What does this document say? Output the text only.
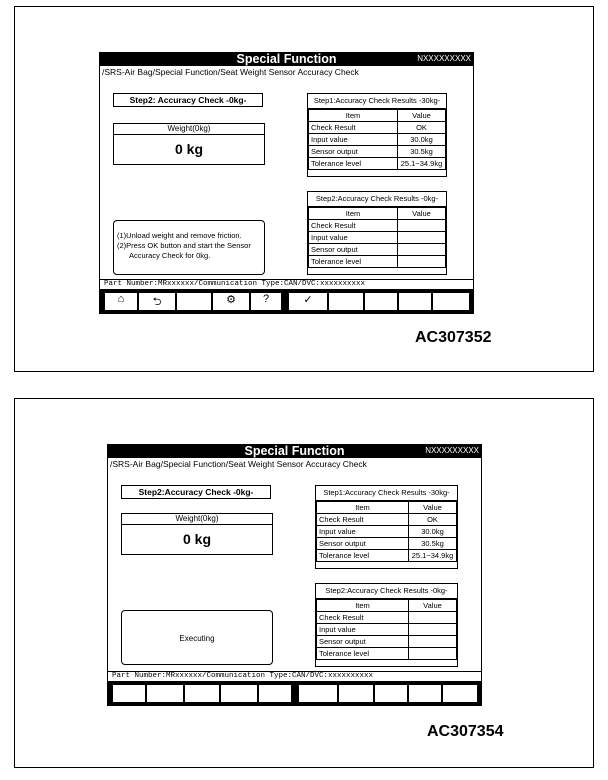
Special Function	NXXXXXXXXX
/SRS-Air Bag/Special Function/Seat Weight Sensor Accuracy Check
Step2: Accuracy Check -0kg-
Weight(0kg)
0 kg
(1)Unload weight and remove friction.
(2)Press OK button and start the Sensor
Accuracy Check for 0kg.
Step1:Accuracy Check Results -30kg-
Item	Value
Check Result	OK
Input value	30.0kg
Sensor output	30.5kg
Tolerance level	25.1~34.9kg
Step2:Accuracy Check Results -0kg-
Item	Value
Check Result	
Input value	
Sensor output	
Tolerance level	
Part Number:MRxxxxxx/Communication Type:CAN/DVC:xxxxxxxxxx
⌂	⮌	⚙	?	✓
AC307352
Special Function	NXXXXXXXXX
/SRS-Air Bag/Special Function/Seat Weight Sensor Accuracy Check
Step2:Accuracy Check -0kg-
Weight(0kg)
0 kg
Executing
Step1:Accuracy Check Results -30kg-
Item	Value
Check Result	OK
Input value	30.0kg
Sensor output	30.5kg
Tolerance level	25.1~34.9kg
Step2:Accuracy Check Results -0kg-
Item	Value
Check Result	
Input value	
Sensor output	
Tolerance level	
Part Number:MRxxxxxx/Communication Type:CAN/DVC:xxxxxxxxxx
AC307354
